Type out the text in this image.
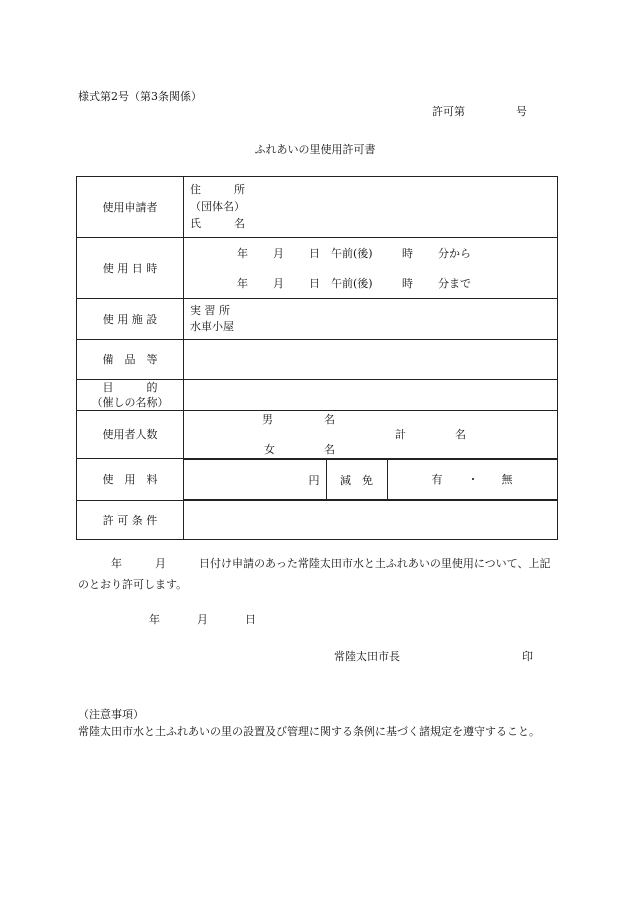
様式第2号（第3条関係）
許可第	号
ふれあいの里使用許可書
使用申請者	
住　　　所
（団体名）
氏　　　名

使 用 日 時	
年 月 日 午前(後)	時 分から
年 月 日 午前(後)	時 分まで

使 用 施 設	
実 習 所
水車小屋

備　品　等	

目　　　的
（催しの名称）

使用者人数	
男	名
計	名
女	名

使　用　料		円	減　免	有 ・ 無

許 可 条 件	
　　　年　　　月　　　日付け申請のあった常陸太田市水と土ふれあいの里使用について、上記のとおり許可します。
年	月	日
常陸太田市長	印
（注意事項）
常陸太田市水と土ふれあいの里の設置及び管理に関する条例に基づく諸規定を遵守すること。
